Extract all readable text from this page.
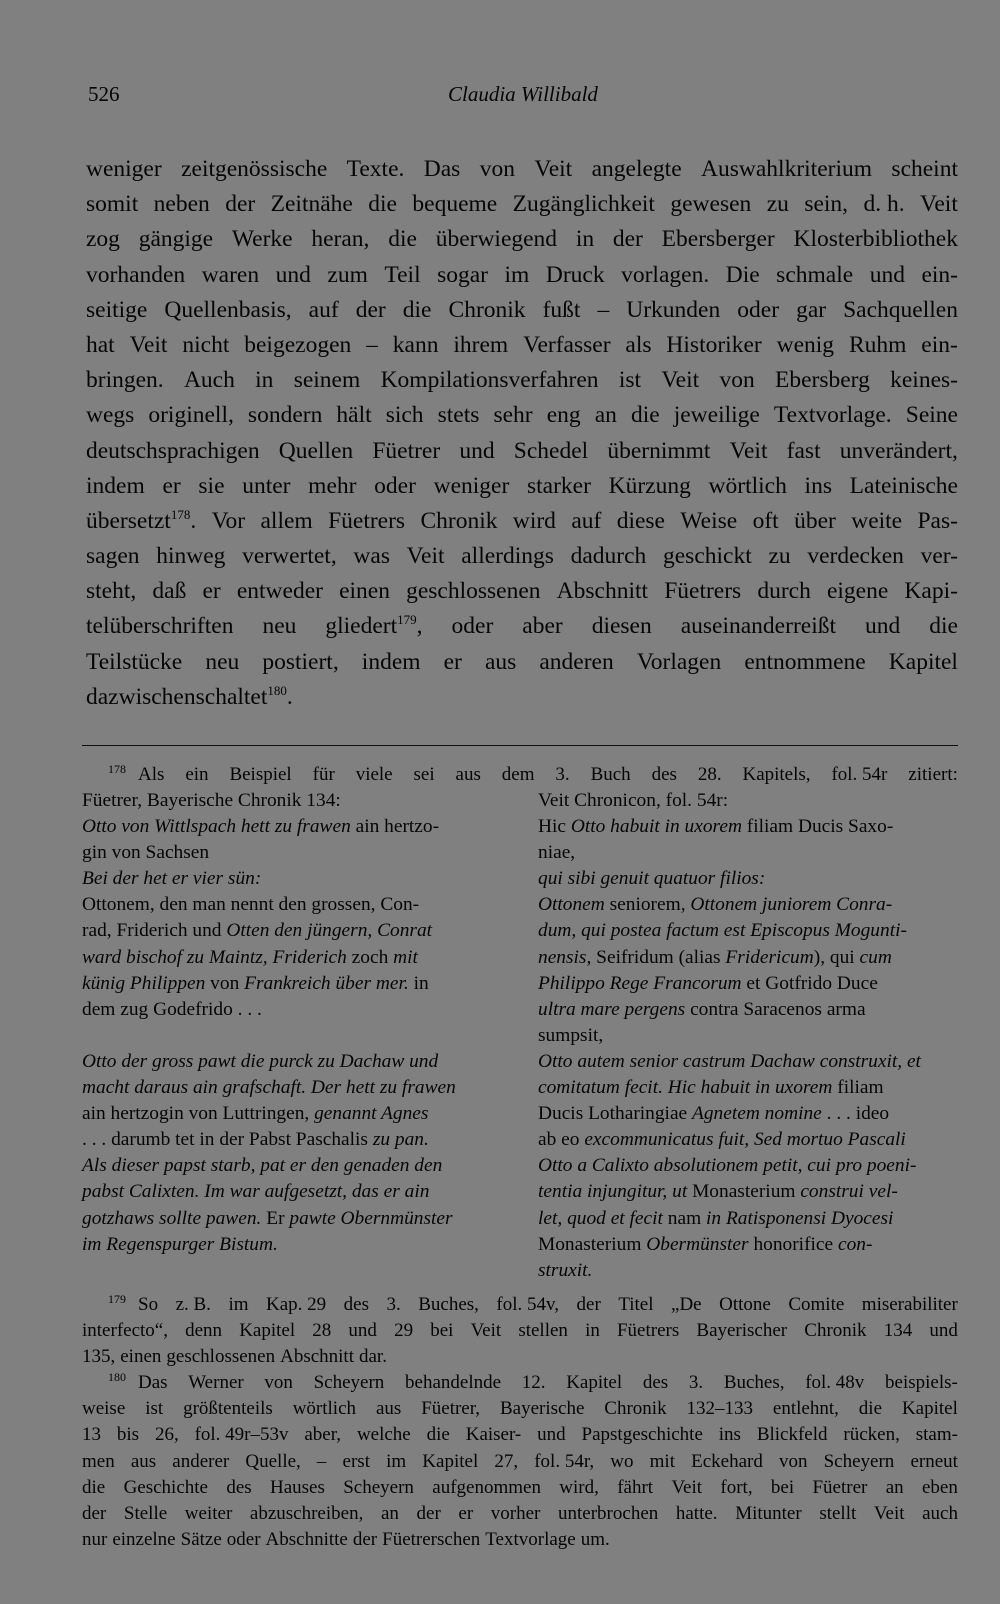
526	Claudia Willibald
weniger zeitgenössische Texte. Das von Veit angelegte Auswahlkriterium scheint
somit neben der Zeitnähe die bequeme Zugänglichkeit gewesen zu sein, d. h. Veit
zog gängige Werke heran, die überwiegend in der Ebersberger Klosterbibliothek
vorhanden waren und zum Teil sogar im Druck vorlagen. Die schmale und ein-
seitige Quellenbasis, auf der die Chronik fußt – Urkunden oder gar Sachquellen
hat Veit nicht beigezogen – kann ihrem Verfasser als Historiker wenig Ruhm ein-
bringen. Auch in seinem Kompilationsverfahren ist Veit von Ebersberg keines-
wegs originell, sondern hält sich stets sehr eng an die jeweilige Textvorlage. Seine
deutschsprachigen Quellen Füetrer und Schedel übernimmt Veit fast unverändert,
indem er sie unter mehr oder weniger starker Kürzung wörtlich ins Lateinische
übersetzt$^{178}$. Vor allem Füetrers Chronik wird auf diese Weise oft über weite Pas-
sagen hinweg verwertet, was Veit allerdings dadurch geschickt zu verdecken ver-
steht, daß er entweder einen geschlossenen Abschnitt Füetrers durch eigene Kapi-
telüberschriften neu gliedert$^{179}$, oder aber diesen auseinanderreißt und die
Teilstücke neu postiert, indem er aus anderen Vorlagen entnommene Kapitel
dazwischenschaltet$^{180}$.
$^{178}$ Als ein Beispiel für viele sei aus dem 3. Buch des 28. Kapitels, fol. 54r zitiert:
Füetrer, Bayerische Chronik 134:
Otto von Wittlspach hett zu frawen ain hertzo-
gin von Sachsen
Bei der het er vier sün:
Ottonem, den man nennt den grossen, Con-
rad, Friderich und Otten den jüngern, Conrat
ward bischof zu Maintz, Friderich zoch mit
künig Philippen von Frankreich über mer. in
dem zug Godefrido . . .
Otto der gross pawt die purck zu Dachaw und
macht daraus ain grafschaft. Der hett zu frawen
ain hertzogin von Luttringen, genannt Agnes
. . . darumb tet in der Pabst Paschalis zu pan.
Als dieser papst starb, pat er den genaden den
pabst Calixten. Im war aufgesetzt, das er ain
gotzhaws sollte pawen. Er pawte Obernmünster
im Regenspurger Bistum.
Veit Chronicon, fol. 54r:
Hic Otto habuit in uxorem filiam Ducis Saxo-
niae,
qui sibi genuit quatuor filios:
Ottonem seniorem, Ottonem juniorem Conra-
dum, qui postea factum est Episcopus Mogunti-
nensis, Seifridum (alias Fridericum), qui cum
Philippo Rege Francorum et Gotfrido Duce
ultra mare pergens contra Saracenos arma
sumpsit,
Otto autem senior castrum Dachaw construxit, et
comitatum fecit. Hic habuit in uxorem filiam
Ducis Lotharingiae Agnetem nomine . . . ideo
ab eo excommunicatus fuit, Sed mortuo Pascali
Otto a Calixto absolutionem petit, cui pro poeni-
tentia injungitur, ut Monasterium construi vel-
let, quod et fecit nam in Ratisponensi Dyocesi
Monasterium Obermünster honorifice con-
struxit.
$^{179}$ So z. B. im Kap. 29 des 3. Buches, fol. 54v, der Titel „De Ottone Comite miserabiliter
interfecto“, denn Kapitel 28 und 29 bei Veit stellen in Füetrers Bayerischer Chronik 134 und
135, einen geschlossenen Abschnitt dar.
$^{180}$ Das Werner von Scheyern behandelnde 12. Kapitel des 3. Buches, fol. 48v beispiels-
weise ist größtenteils wörtlich aus Füetrer, Bayerische Chronik 132–133 entlehnt, die Kapitel
13 bis 26, fol. 49r–53v aber, welche die Kaiser- und Papstgeschichte ins Blickfeld rücken, stam-
men aus anderer Quelle, – erst im Kapitel 27, fol. 54r, wo mit Eckehard von Scheyern erneut
die Geschichte des Hauses Scheyern aufgenommen wird, fährt Veit fort, bei Füetrer an eben
der Stelle weiter abzuschreiben, an der er vorher unterbrochen hatte. Mitunter stellt Veit auch
nur einzelne Sätze oder Abschnitte der Füetrerschen Textvorlage um.
